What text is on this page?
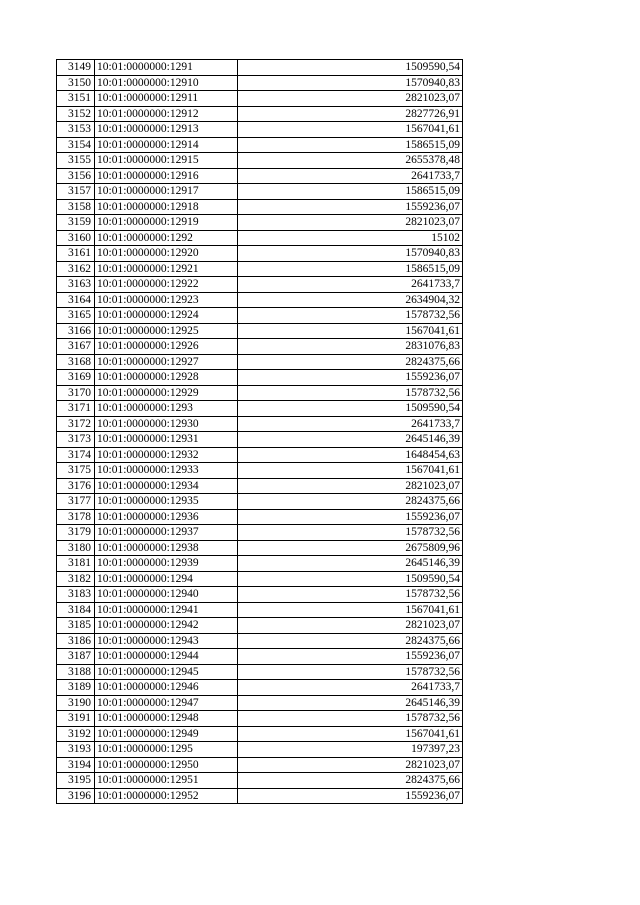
3149	10:01:0000000:1291	1509590,54
3150	10:01:0000000:12910	1570940,83
3151	10:01:0000000:12911	2821023,07
3152	10:01:0000000:12912	2827726,91
3153	10:01:0000000:12913	1567041,61
3154	10:01:0000000:12914	1586515,09
3155	10:01:0000000:12915	2655378,48
3156	10:01:0000000:12916	2641733,7
3157	10:01:0000000:12917	1586515,09
3158	10:01:0000000:12918	1559236,07
3159	10:01:0000000:12919	2821023,07
3160	10:01:0000000:1292	15102
3161	10:01:0000000:12920	1570940,83
3162	10:01:0000000:12921	1586515,09
3163	10:01:0000000:12922	2641733,7
3164	10:01:0000000:12923	2634904,32
3165	10:01:0000000:12924	1578732,56
3166	10:01:0000000:12925	1567041,61
3167	10:01:0000000:12926	2831076,83
3168	10:01:0000000:12927	2824375,66
3169	10:01:0000000:12928	1559236,07
3170	10:01:0000000:12929	1578732,56
3171	10:01:0000000:1293	1509590,54
3172	10:01:0000000:12930	2641733,7
3173	10:01:0000000:12931	2645146,39
3174	10:01:0000000:12932	1648454,63
3175	10:01:0000000:12933	1567041,61
3176	10:01:0000000:12934	2821023,07
3177	10:01:0000000:12935	2824375,66
3178	10:01:0000000:12936	1559236,07
3179	10:01:0000000:12937	1578732,56
3180	10:01:0000000:12938	2675809,96
3181	10:01:0000000:12939	2645146,39
3182	10:01:0000000:1294	1509590,54
3183	10:01:0000000:12940	1578732,56
3184	10:01:0000000:12941	1567041,61
3185	10:01:0000000:12942	2821023,07
3186	10:01:0000000:12943	2824375,66
3187	10:01:0000000:12944	1559236,07
3188	10:01:0000000:12945	1578732,56
3189	10:01:0000000:12946	2641733,7
3190	10:01:0000000:12947	2645146,39
3191	10:01:0000000:12948	1578732,56
3192	10:01:0000000:12949	1567041,61
3193	10:01:0000000:1295	197397,23
3194	10:01:0000000:12950	2821023,07
3195	10:01:0000000:12951	2824375,66
3196	10:01:0000000:12952	1559236,07
